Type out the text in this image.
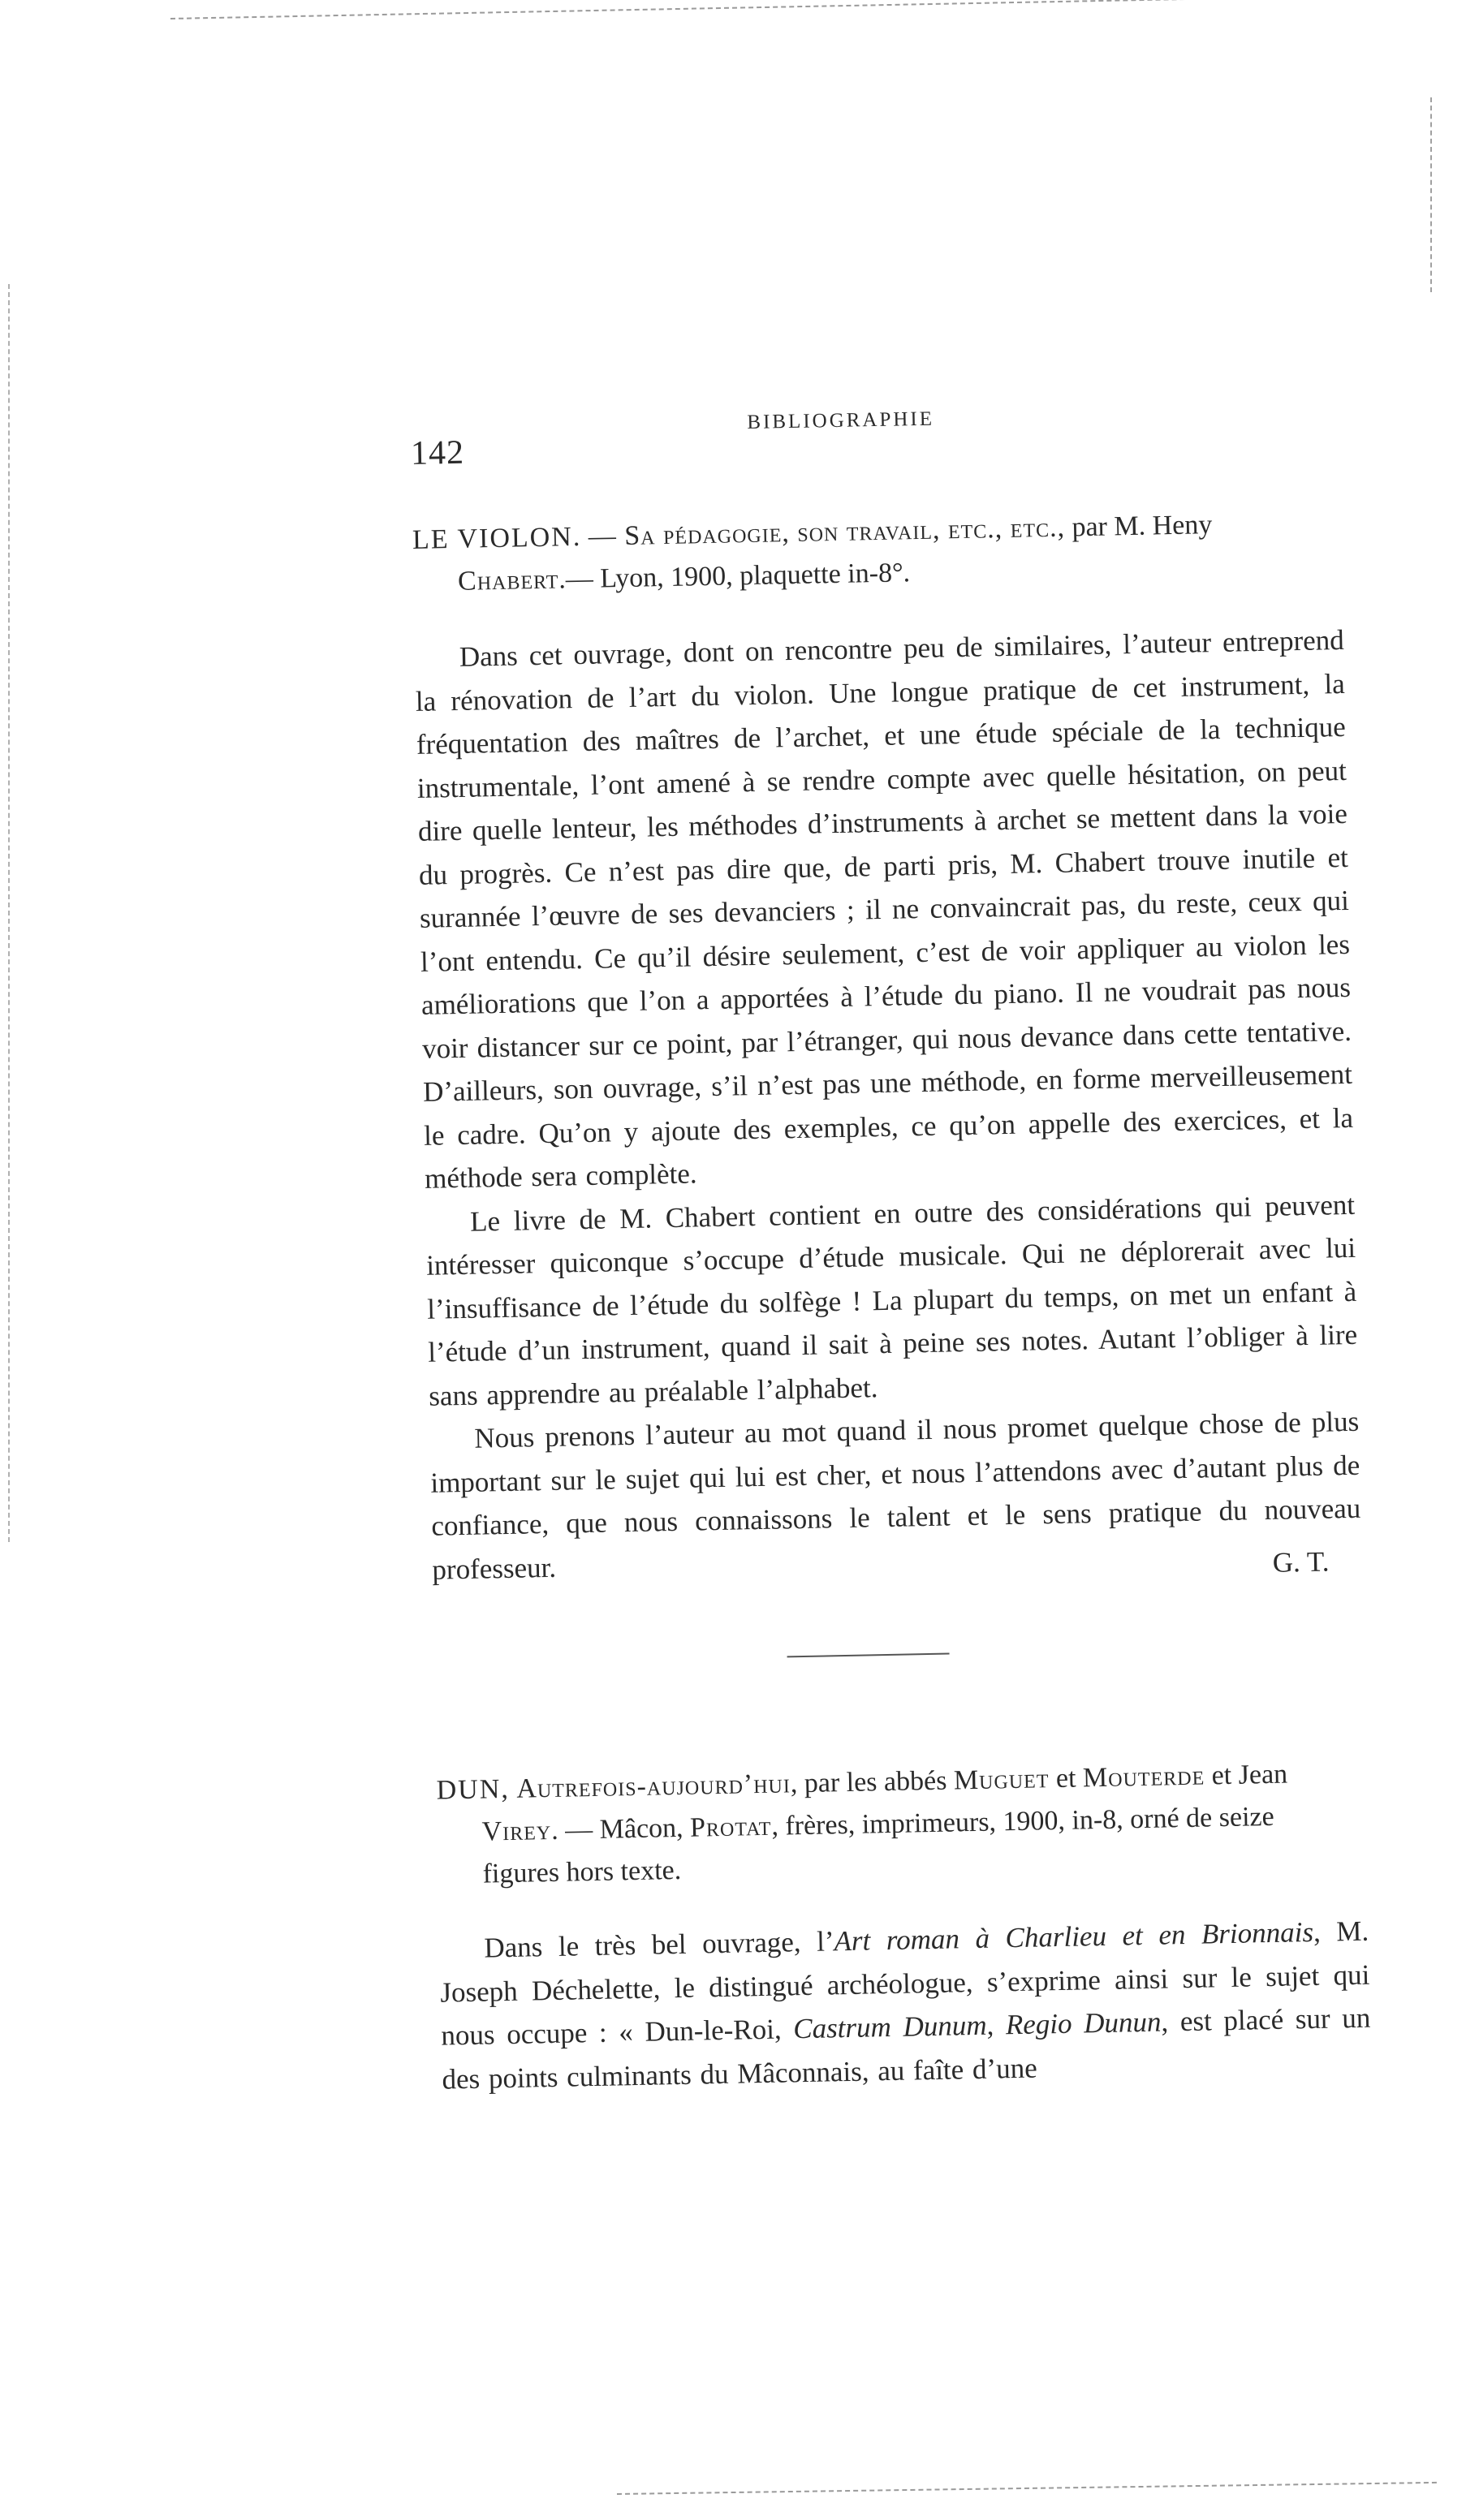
142
BIBLIOGRAPHIE
LE VIOLON. — Sa pédagogie, son travail, etc., etc., par M. Heny Chabert.— Lyon, 1900, plaquette in-8°.

Dans cet ouvrage, dont on rencontre peu de similaires, l’auteur entreprend la rénovation de l’art du violon. Une longue pratique de cet instrument, la fréquentation des maîtres de l’archet, et une étude spéciale de la technique instrumentale, l’ont amené à se rendre compte avec quelle hésitation, on peut dire quelle lenteur, les méthodes d’instruments à archet se mettent dans la voie du progrès. Ce n’est pas dire que, de parti pris, M. Chabert trouve inutile et surannée l’œuvre de ses devanciers ; il ne convaincrait pas, du reste, ceux qui l’ont entendu. Ce qu’il désire seulement, c’est de voir appliquer au violon les améliorations que l’on a apportées à l’étude du piano. Il ne voudrait pas nous voir distancer sur ce point, par l’étranger, qui nous devance dans cette tentative. D’ailleurs, son ouvrage, s’il n’est pas une méthode, en forme merveilleusement le cadre. Qu’on y ajoute des exemples, ce qu’on appelle des exercices, et la méthode sera complète.

Le livre de M. Chabert contient en outre des considérations qui peuvent intéresser quiconque s’occupe d’étude musicale. Qui ne déplorerait avec lui l’insuffisance de l’étude du solfège ! La plupart du temps, on met un enfant à l’étude d’un instrument, quand il sait à peine ses notes. Autant l’obliger à lire sans apprendre au préalable l’alphabet.

Nous prenons l’auteur au mot quand il nous promet quelque chose de plus important sur le sujet qui lui est cher, et nous l’attendons avec d’autant plus de confiance, que nous connaissons le talent et le sens pratique du nouveau professeur.	G. T.
DUN, Autrefois-aujourd’hui, par les abbés Muguet et Mouterde et Jean Virey. — Mâcon, Protat, frères, imprimeurs, 1900, in-8, orné de seize figures hors texte.

Dans le très bel ouvrage, l’Art roman à Charlieu et en Brionnais, M. Joseph Déchelette, le distingué archéologue, s’exprime ainsi sur le sujet qui nous occupe : « Dun-le-Roi, Castrum Dunum, Regio Dunun, est placé sur un des points culminants du Mâconnais, au faîte d’une
